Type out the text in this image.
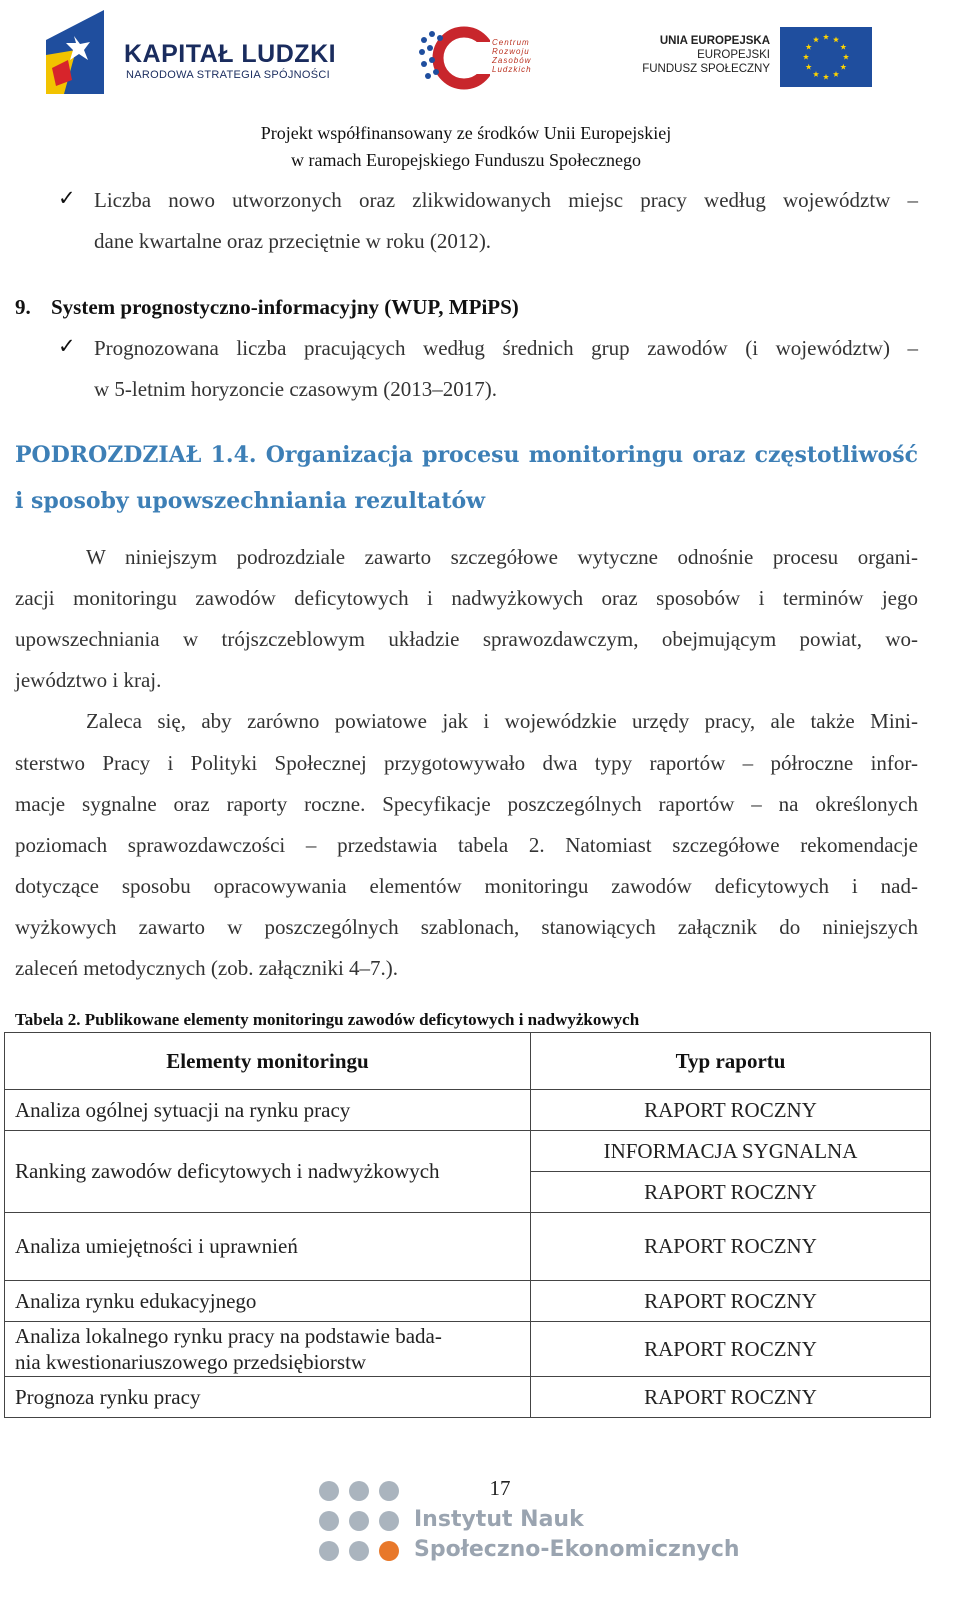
KAPITAŁ LUDZKI
NARODOWA STRATEGIA SPÓJNOŚCI
Centrum
Rozwoju
Zasobów
Ludzkich
UNIA EUROPEJSKA
EUROPEJSKI
FUNDUSZ SPOŁECZNY
Projekt współfinansowany ze środków Unii Europejskiej
w ramach Europejskiego Funduszu Społecznego
✓ Liczba nowo utworzonych oraz zlikwidowanych miejsc pracy według województw –
dane kwartalne oraz przeciętnie w roku (2012).
9. System prognostyczno-informacyjny (WUP, MPiPS)
✓ Prognozowana liczba pracujących według średnich grup zawodów (i województw) –
w 5-letnim horyzoncie czasowym (2013–2017).
PODROZDZIAŁ 1.4. Organizacja procesu monitoringu oraz częstotliwość
i sposoby upowszechniania rezultatów
W niniejszym podrozdziale zawarto szczegółowe wytyczne odnośnie procesu organi-
zacji monitoringu zawodów deficytowych i nadwyżkowych oraz sposobów i terminów jego
upowszechniania w trójszczeblowym układzie sprawozdawczym, obejmującym powiat, wo-
jewództwo i kraj.
Zaleca się, aby zarówno powiatowe jak i wojewódzkie urzędy pracy, ale także Mini-
sterstwo Pracy i Polityki Społecznej przygotowywało dwa typy raportów – półroczne infor-
macje sygnalne oraz raporty roczne. Specyfikacje poszczególnych raportów – na określonych
poziomach sprawozdawczości – przedstawia tabela 2. Natomiast szczegółowe rekomendacje
dotyczące sposobu opracowywania elementów monitoringu zawodów deficytowych i nad-
wyżkowych zawarto w poszczególnych szablonach, stanowiących załącznik do niniejszych
zaleceń metodycznych (zob. załączniki 4–7.).
Tabela 2. Publikowane elementy monitoringu zawodów deficytowych i nadwyżkowych
Elementy monitoringu	Typ raportu
Analiza ogólnej sytuacji na rynku pracy	RAPORT ROCZNY
Ranking zawodów deficytowych i nadwyżkowych	INFORMACJA SYGNALNA
	RAPORT ROCZNY
Analiza umiejętności i uprawnień	RAPORT ROCZNY
Analiza rynku edukacyjnego	RAPORT ROCZNY

Analiza lokalnego rynku pracy na podstawie bada-
nia kwestionariuszowego przedsiębiorstw	RAPORT ROCZNY
Prognoza rynku pracy	RAPORT ROCZNY
17
Instytut Nauk
Społeczno-Ekonomicznych
